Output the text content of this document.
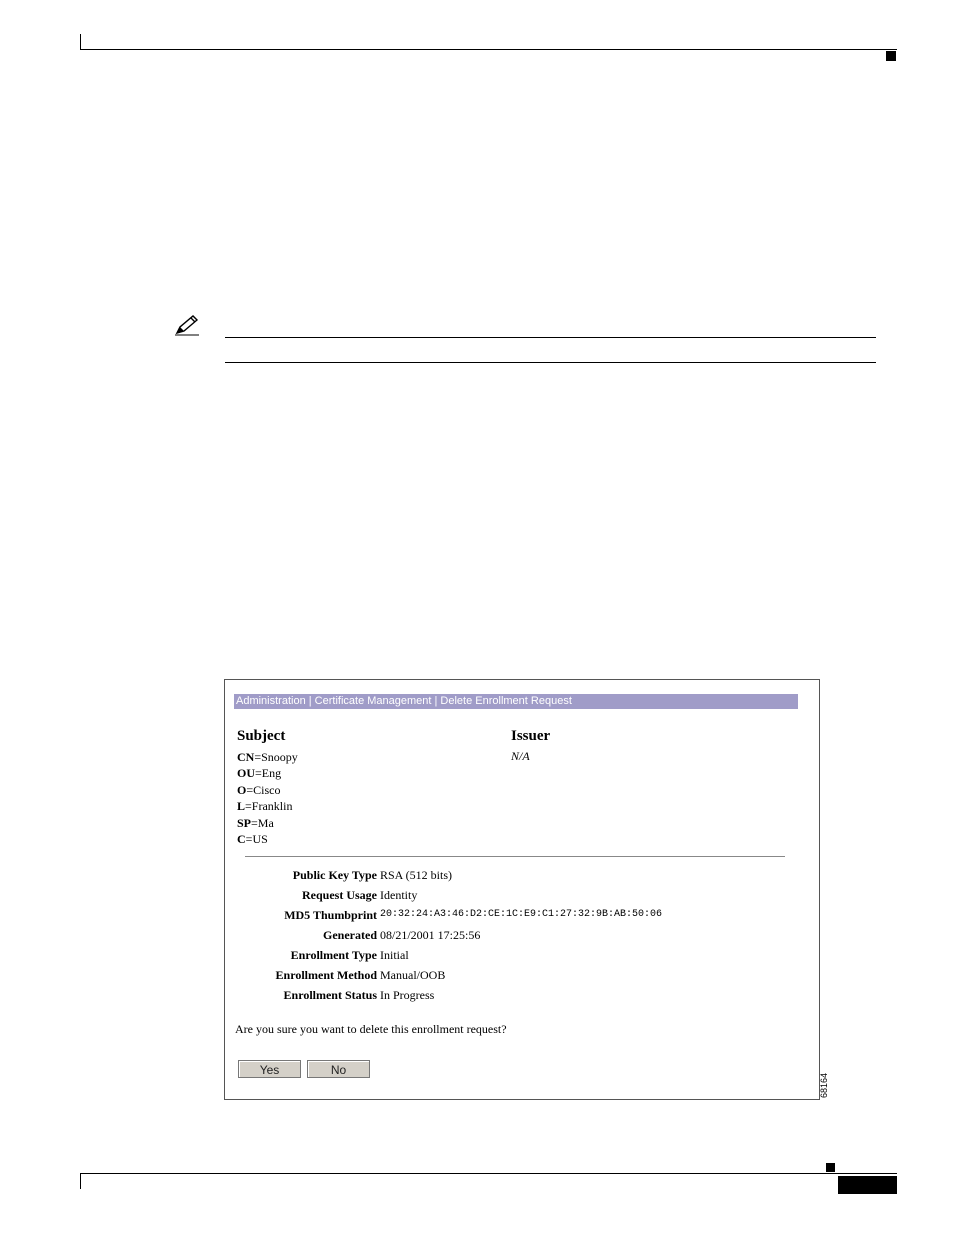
Administration | Certificate Management | Delete Enrollment Request
Subject	Issuer
CN=Snoopy
OU=Eng
O=Cisco
L=Franklin
SP=Ma
C=US
N/A
Public Key Type RSA (512 bits)
Request Usage Identity
MD5 Thumbprint 20:32:24:A3:46:D2:CE:1C:E9:C1:27:32:9B:AB:50:06
Generated 08/21/2001 17:25:56
Enrollment Type Initial
Enrollment Method Manual/OOB
Enrollment Status In Progress
Are you sure you want to delete this enrollment request?
Yes	No
68164
